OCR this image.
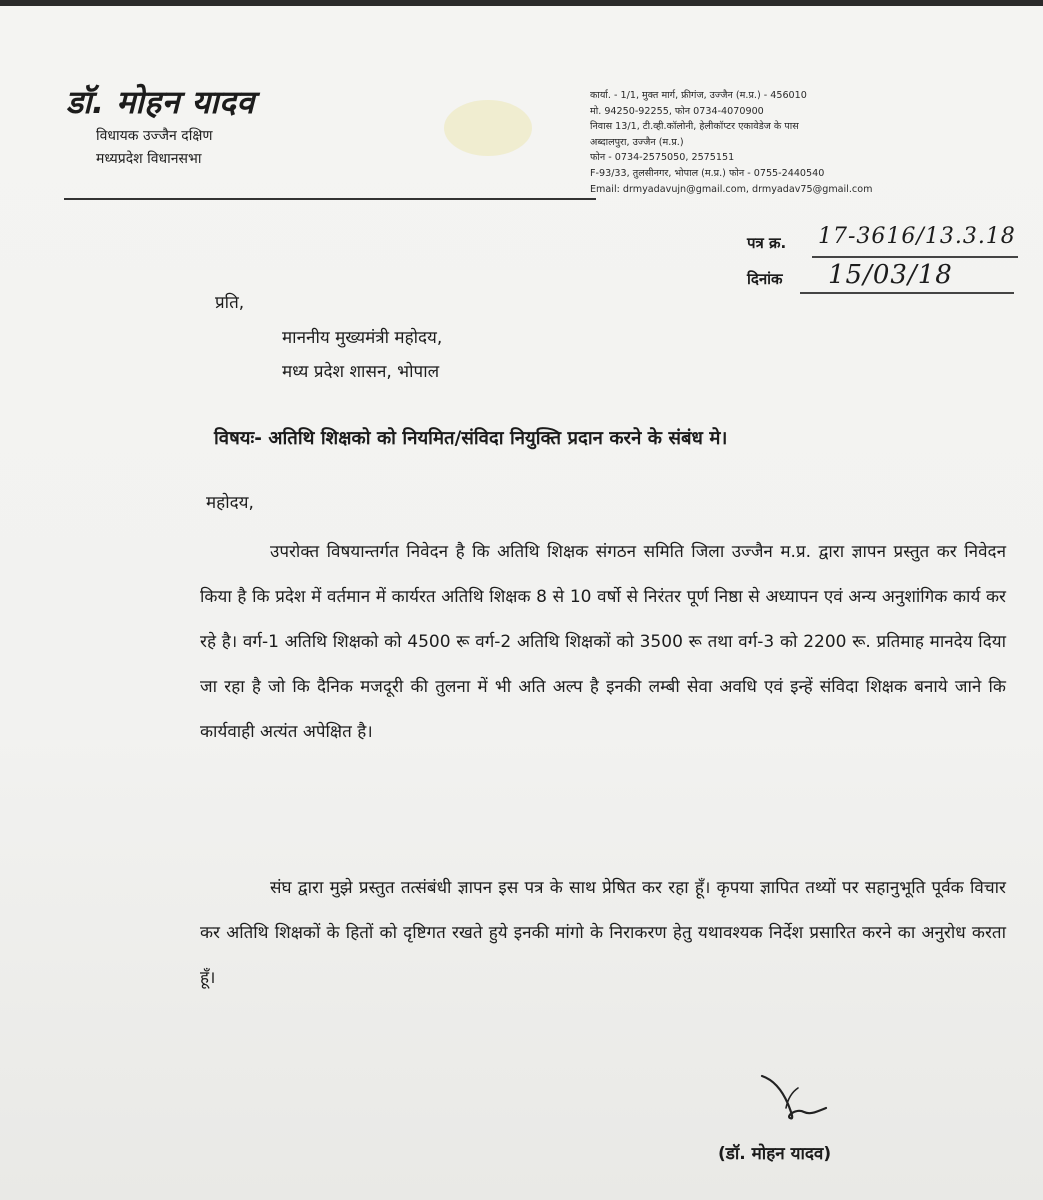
डॉ. मोहन यादव
विधायक उज्जैन दक्षिण
मध्यप्रदेश विधानसभा
कार्या. - 1/1, मुक्त मार्ग, फ्रीगंज, उज्जैन (म.प्र.) - 456010
मो. 94250-92255, फोन 0734-4070900
निवास 13/1, टी.व्ही.कॉलोनी, हेलीकॉप्टर एकावेडेज के पास
अब्दालपुरा, उज्जैन (म.प्र.)
फोन - 0734-2575050, 2575151
F-93/33, तुलसीनगर, भोपाल (म.प्र.) फोन - 0755-2440540
Email: drmyadavujn@gmail.com, drmyadav75@gmail.com
पत्र क्र. 17-3616/13.3.18
दिनांक 15/03/18
प्रति,
माननीय मुख्यमंत्री महोदय,
मध्य प्रदेश शासन, भोपाल
विषयः- अतिथि शिक्षको को नियमित/संविदा नियुक्ति प्रदान करने के संबंध मे।
महोदय,
उपरोक्त विषयान्तर्गत निवेदन है कि अतिथि शिक्षक संगठन समिति जिला उज्जैन म.प्र. द्वारा ज्ञापन प्रस्तुत कर निवेदन किया है कि प्रदेश में वर्तमान में कार्यरत अतिथि शिक्षक 8 से 10 वर्षो से निरंतर पूर्ण निष्ठा से अध्यापन एवं अन्य अनुशांगिक कार्य कर रहे है। वर्ग-1 अतिथि शिक्षको को 4500 रू वर्ग-2 अतिथि शिक्षकों को 3500 रू तथा वर्ग-3 को 2200 रू. प्रतिमाह मानदेय दिया जा रहा है जो कि दैनिक मजदूरी की तुलना में भी अति अल्प है इनकी लम्बी सेवा अवधि एवं इन्हें संविदा शिक्षक बनाये जाने कि कार्यवाही अत्यंत अपेक्षित है।
संघ द्वारा मुझे प्रस्तुत तत्संबंधी ज्ञापन इस पत्र के साथ प्रेषित कर रहा हूँ। कृपया ज्ञापित तथ्यों पर सहानुभूति पूर्वक विचार कर अतिथि शिक्षकों के हितों को दृष्टिगत रखते हुये इनकी मांगो के निराकरण हेतु यथावश्यक निर्देश प्रसारित करने का अनुरोध करता हूँ।
(डॉ. मोहन यादव)
